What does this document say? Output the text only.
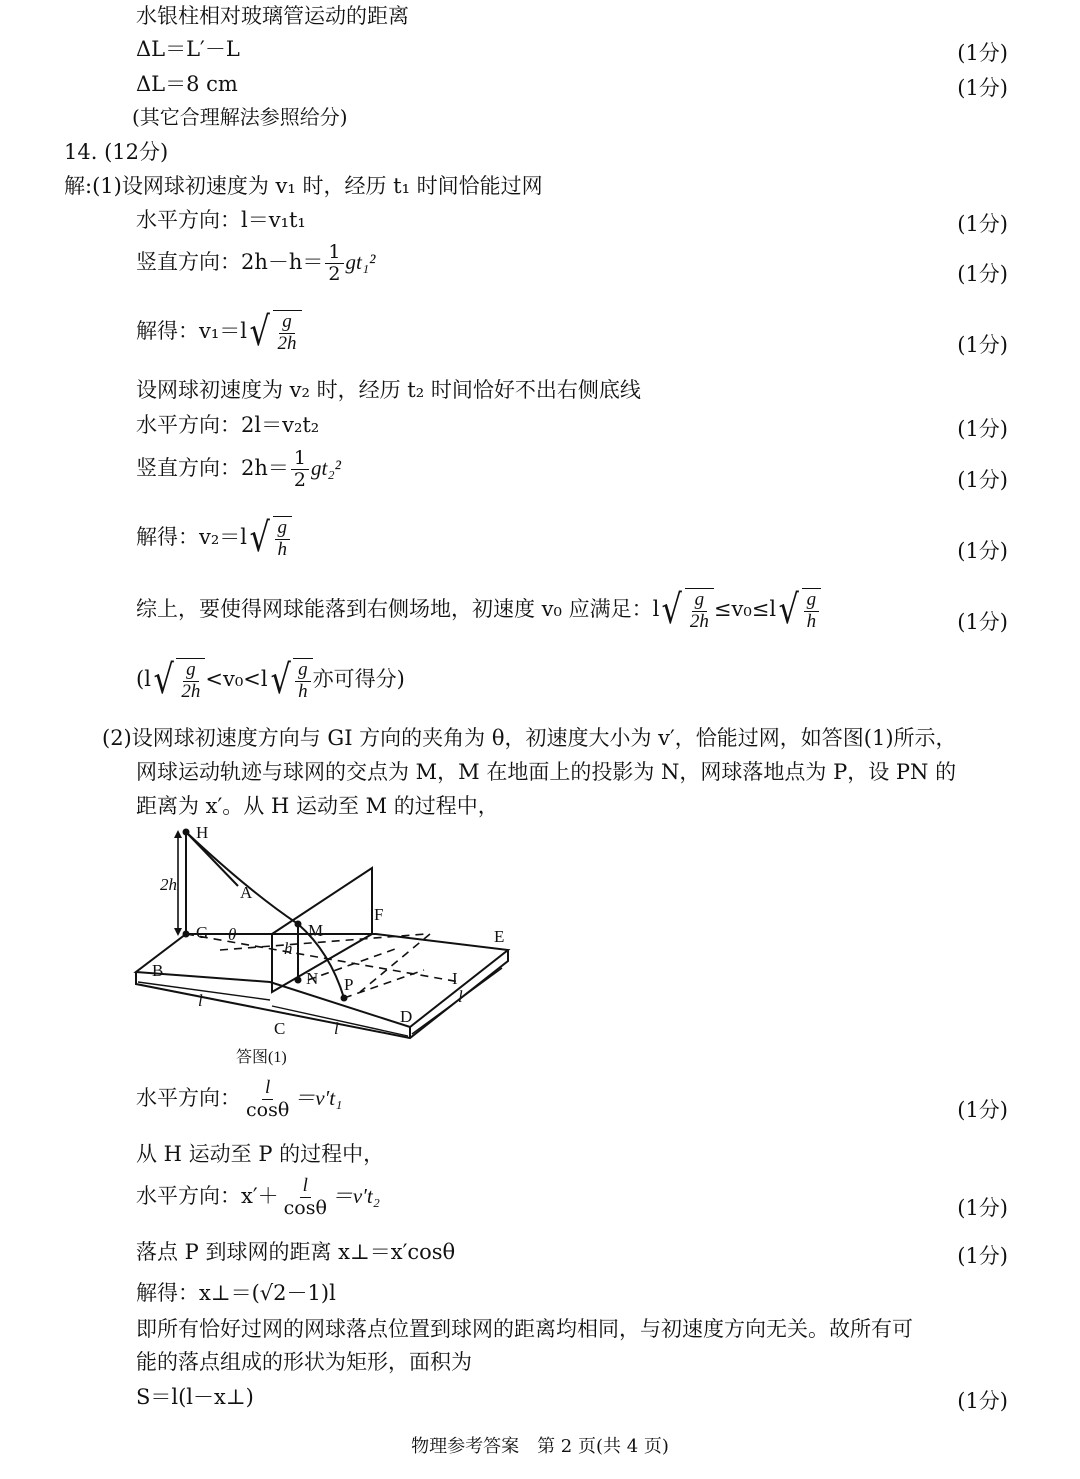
水银柱相对玻璃管运动的距离
ΔL＝L′－L	(1分)
ΔL＝8 cm	(1分)
(其它合理解法参照给分)
14. (12分)
解:(1)设网球初速度为 v₁ 时，经历 t₁ 时间恰能过网
水平方向：l＝v₁t₁	(1分)
竖直方向：$2h-h= \frac{1}{2} gt_1^2$
(1分)
解得：v₁＝l √ $\frac{g}{2h}$	(1分)
设网球初速度为 v₂ 时，经历 t₂ 时间恰好不出右侧底线
水平方向：2l＝v₂t₂	(1分)
竖直方向：$2h= \frac{1}{2} gt_2^2$
(1分)
解得：v₂＝l √ $\frac{g}{h}$	(1分)
综上，要使得网球能落到右侧场地，初速度 v₀ 应满足：l √ $\frac{g}{2h} \le v_0\le l$ √ $\frac{g}{h}$	(1分)
(l √ $\frac{g}{2h} <v_0<l$ √ $\frac{g}{h}$ 亦可得分)
(2)设网球初速度方向与 GI 方向的夹角为 θ，初速度大小为 v′，恰能过网，如答图(1)所示，
网球运动轨迹与球网的交点为 M，M 在地面上的投影为 N，网球落地点为 P，设 PN 的
距离为 x′。从 H 运动至 M 的过程中，
H
A
F
M
G θ	E
h
2h
B	N P	I
D
C
l
l
l
答图(1)
水平方向： $\frac{l}{\cos\theta} =v't_1$
(1分)
从 H 运动至 P 的过程中，
水平方向：$x'+ \frac{l}{\cos\theta} =v't_2$
(1分)
落点 P 到球网的距离 x⊥＝x′cosθ	(1分)
解得：x⊥＝(√2－1)l
即所有恰好过网的网球落点位置到球网的距离均相同，与初速度方向无关。故所有可
能的落点组成的形状为矩形，面积为
S＝l(l－x⊥)	(1分)
物理参考答案　第 2 页(共 4 页)
